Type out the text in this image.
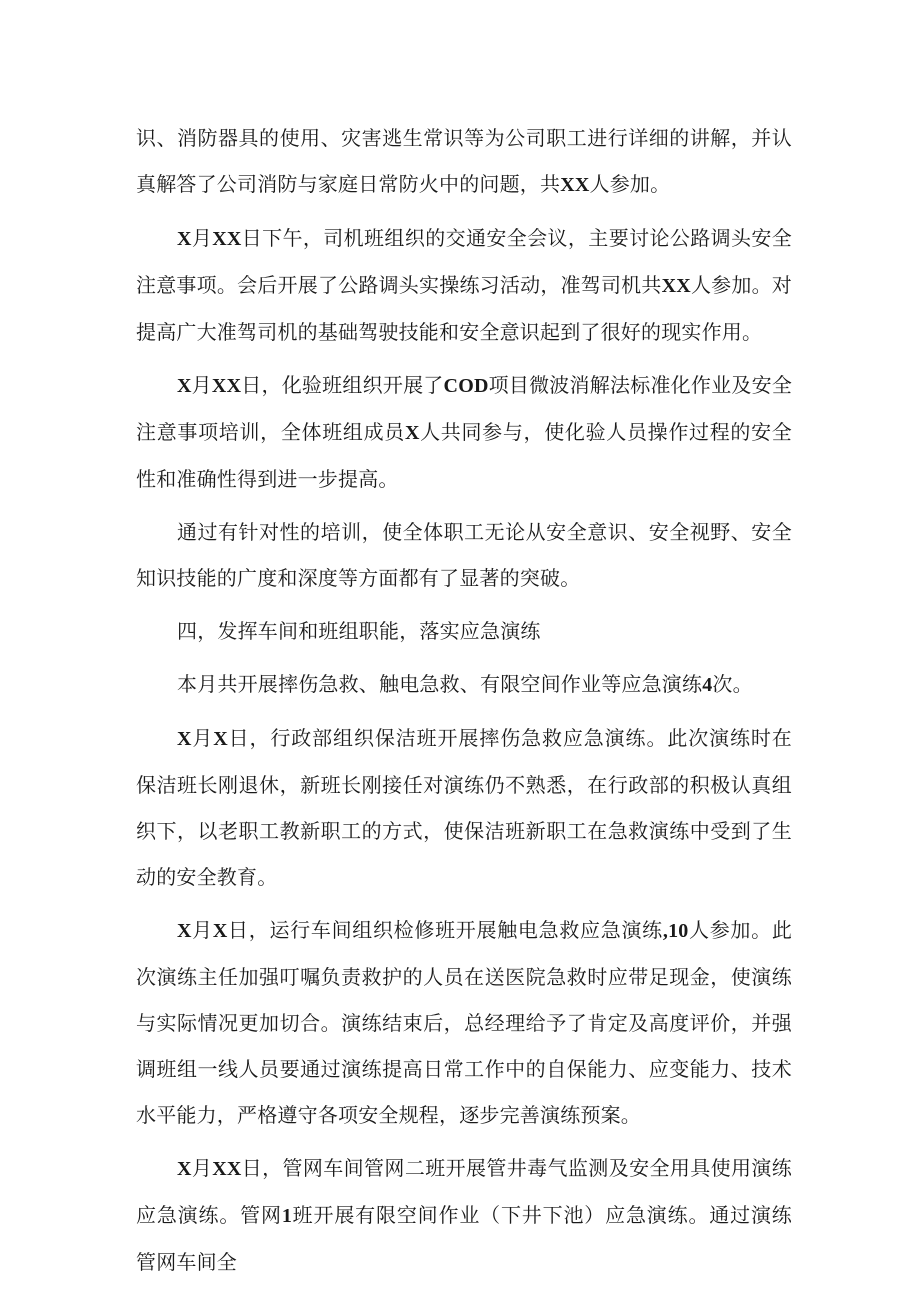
识、消防器具的使用、灾害逃生常识等为公司职工进行详细的讲解，并认真解答了公司消防与家庭日常防火中的问题，共XX人参加。

X月XX日下午，司机班组织的交通安全会议，主要讨论公路调头安全注意事项。会后开展了公路调头实操练习活动，准驾司机共XX人参加。对提高广大准驾司机的基础驾驶技能和安全意识起到了很好的现实作用。

X月XX日，化验班组织开展了COD项目微波消解法标准化作业及安全注意事项培训，全体班组成员X人共同参与，使化验人员操作过程的安全性和准确性得到进一步提高。

通过有针对性的培训，使全体职工无论从安全意识、安全视野、安全知识技能的广度和深度等方面都有了显著的突破。

四，发挥车间和班组职能，落实应急演练

本月共开展摔伤急救、触电急救、有限空间作业等应急演练4次。

X月X日，行政部组织保洁班开展摔伤急救应急演练。此次演练时在保洁班长刚退休，新班长刚接任对演练仍不熟悉，在行政部的积极认真组织下，以老职工教新职工的方式，使保洁班新职工在急救演练中受到了生动的安全教育。

X月X日，运行车间组织检修班开展触电急救应急演练,10人参加。此次演练主任加强叮嘱负责救护的人员在送医院急救时应带足现金，使演练与实际情况更加切合。演练结束后，总经理给予了肯定及高度评价，并强调班组一线人员要通过演练提高日常工作中的自保能力、应变能力、技术水平能力，严格遵守各项安全规程，逐步完善演练预案。

X月XX日，管网车间管网二班开展管井毒气监测及安全用具使用演练应急演练。管网1班开展有限空间作业（下井下池）应急演练。通过演练管网车间全
